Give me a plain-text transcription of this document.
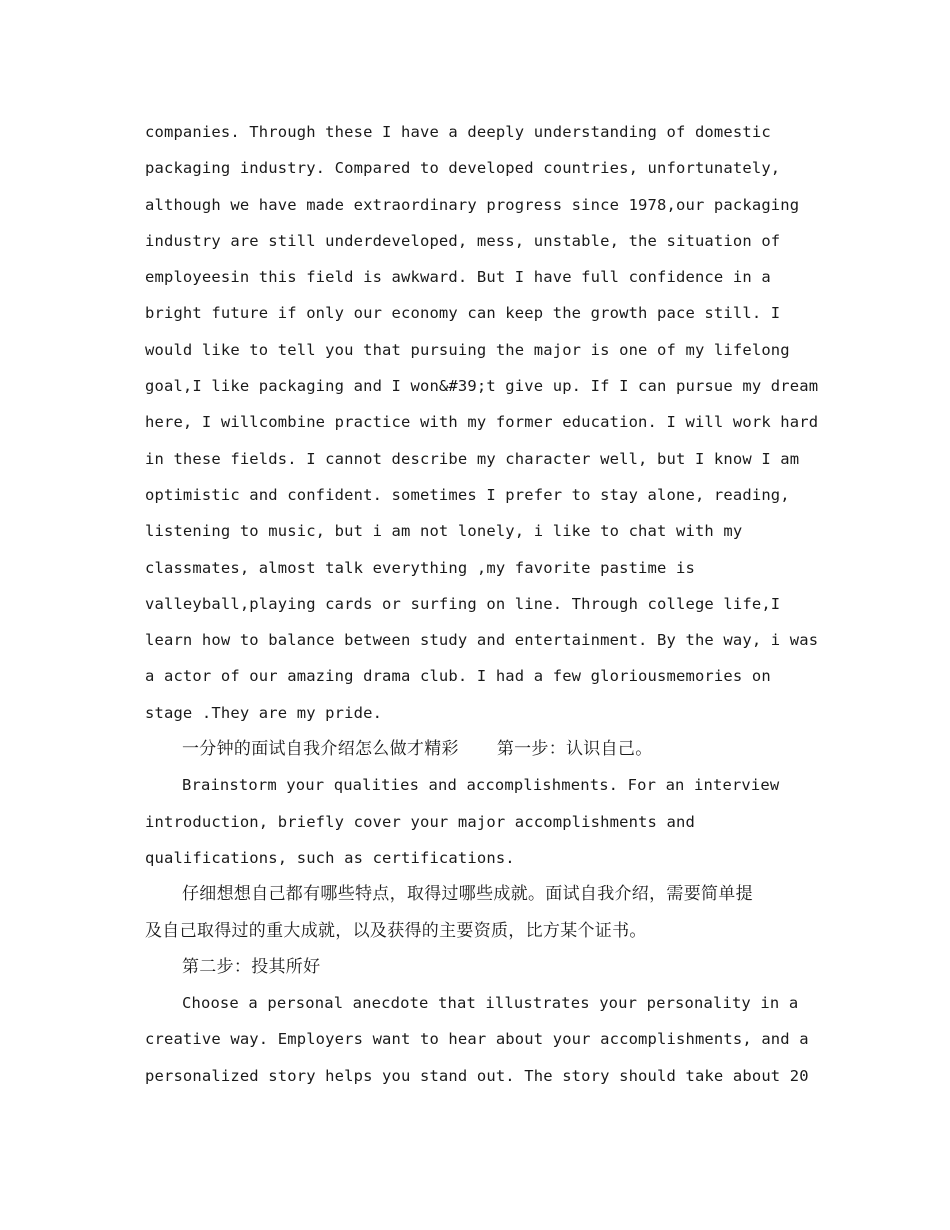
companies. Through these I have a deeply understanding of domestic
packaging industry. Compared to developed countries, unfortunately,
although we have made extraordinary progress since 1978,our packaging
industry are still underdeveloped, mess, unstable, the situation of
employeesin this field is awkward. But I have full confidence in a
bright future if only our economy can keep the growth pace still. I
would like to tell you that pursuing the major is one of my lifelong
goal,I like packaging and I won&#39;t give up. If I can pursue my dream
here, I willcombine practice with my former education. I will work hard
in these fields. I cannot describe my character well, but I know I am
optimistic and confident. sometimes I prefer to stay alone, reading,
listening to music, but i am not lonely, i like to chat with my
classmates, almost talk everything ,my favorite pastime is
valleyball,playing cards or surfing on line. Through college life,I
learn how to balance between study and entertainment. By the way, i was
a actor of our amazing drama club. I had a few gloriousmemories on
stage .They are my pride.

一分钟的面试自我介绍怎么做才精彩 第一步：认识自己。

Brainstorm your qualities and accomplishments. For an interview
introduction, briefly cover your major accomplishments and
qualifications, such as certifications.

仔细想想自己都有哪些特点，取得过哪些成就。面试自我介绍，需要简单提
及自己取得过的重大成就，以及获得的主要资质，比方某个证书。

第二步：投其所好

Choose a personal anecdote that illustrates your personality in a
creative way. Employers want to hear about your accomplishments, and a
personalized story helps you stand out. The story should take about 20
